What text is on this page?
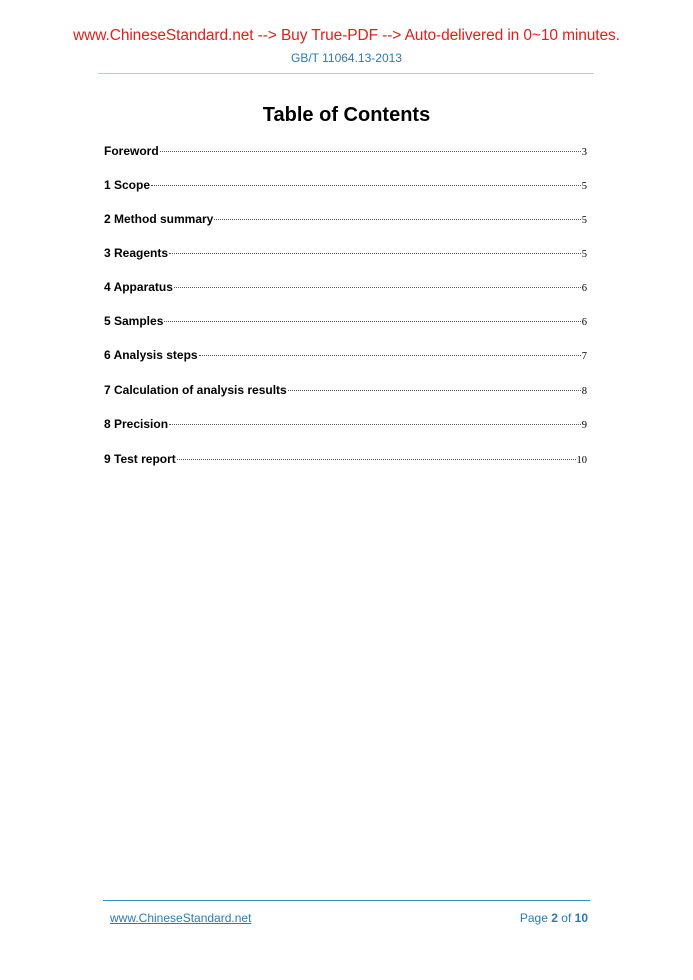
www.ChineseStandard.net --> Buy True-PDF --> Auto-delivered in 0~10 minutes.
GB/T 11064.13-2013
Table of Contents
Foreword	3
1 Scope	5
2 Method summary	5
3 Reagents	5
4 Apparatus	6
5 Samples	6
6 Analysis steps	7
7 Calculation of analysis results	8
8 Precision	9
9 Test report	10
www.ChineseStandard.net	Page 2 of 10
